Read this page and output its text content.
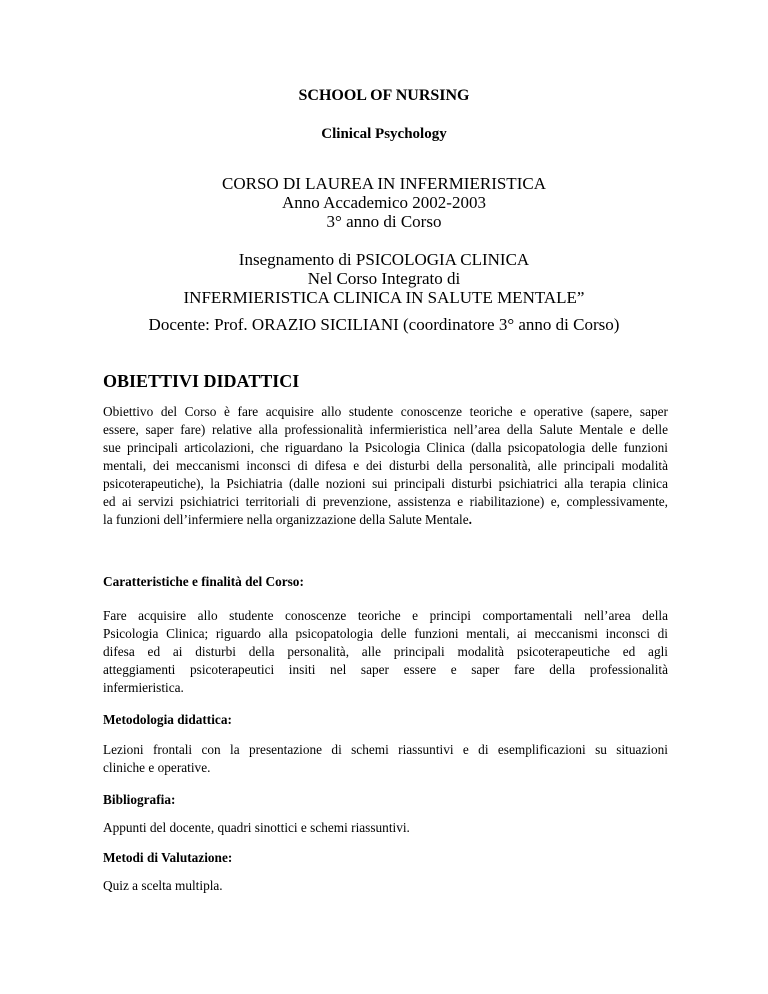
SCHOOL OF NURSING
Clinical Psychology
CORSO DI LAUREA IN INFERMIERISTICA
Anno Accademico 2002-2003
3° anno di Corso
Insegnamento di PSICOLOGIA CLINICA
Nel Corso Integrato di
INFERMIERISTICA CLINICA IN SALUTE MENTALE”
Docente: Prof. ORAZIO SICILIANI (coordinatore 3° anno di Corso)
OBIETTIVI DIDATTICI
Obiettivo del Corso è fare acquisire allo studente conoscenze teoriche e operative (sapere, saper
essere, saper fare) relative alla professionalità infermieristica nell’area della Salute Mentale e delle
sue principali articolazioni, che riguardano la Psicologia Clinica (dalla psicopatologia delle funzioni
mentali, dei meccanismi inconsci di difesa e dei disturbi della personalità, alle principali modalità
psicoterapeutiche), la Psichiatria (dalle nozioni sui principali disturbi psichiatrici alla terapia clinica
ed ai servizi psichiatrici territoriali di prevenzione, assistenza e riabilitazione) e, complessivamente,
la funzioni dell’infermiere nella organizzazione della Salute Mentale.
Caratteristiche e finalità del Corso:
Fare acquisire allo studente conoscenze teoriche e principi comportamentali nell’area della
Psicologia Clinica; riguardo alla psicopatologia delle funzioni mentali, ai meccanismi inconsci di
difesa ed ai disturbi della personalità, alle principali modalità psicoterapeutiche ed agli
atteggiamenti psicoterapeutici insiti nel saper essere e saper fare della professionalità
infermieristica.
Metodologia didattica:
Lezioni frontali con la presentazione di schemi riassuntivi e di esemplificazioni su situazioni
cliniche e operative.
Bibliografia:
Appunti del docente, quadri sinottici e schemi riassuntivi.
Metodi di Valutazione:
Quiz a scelta multipla.
